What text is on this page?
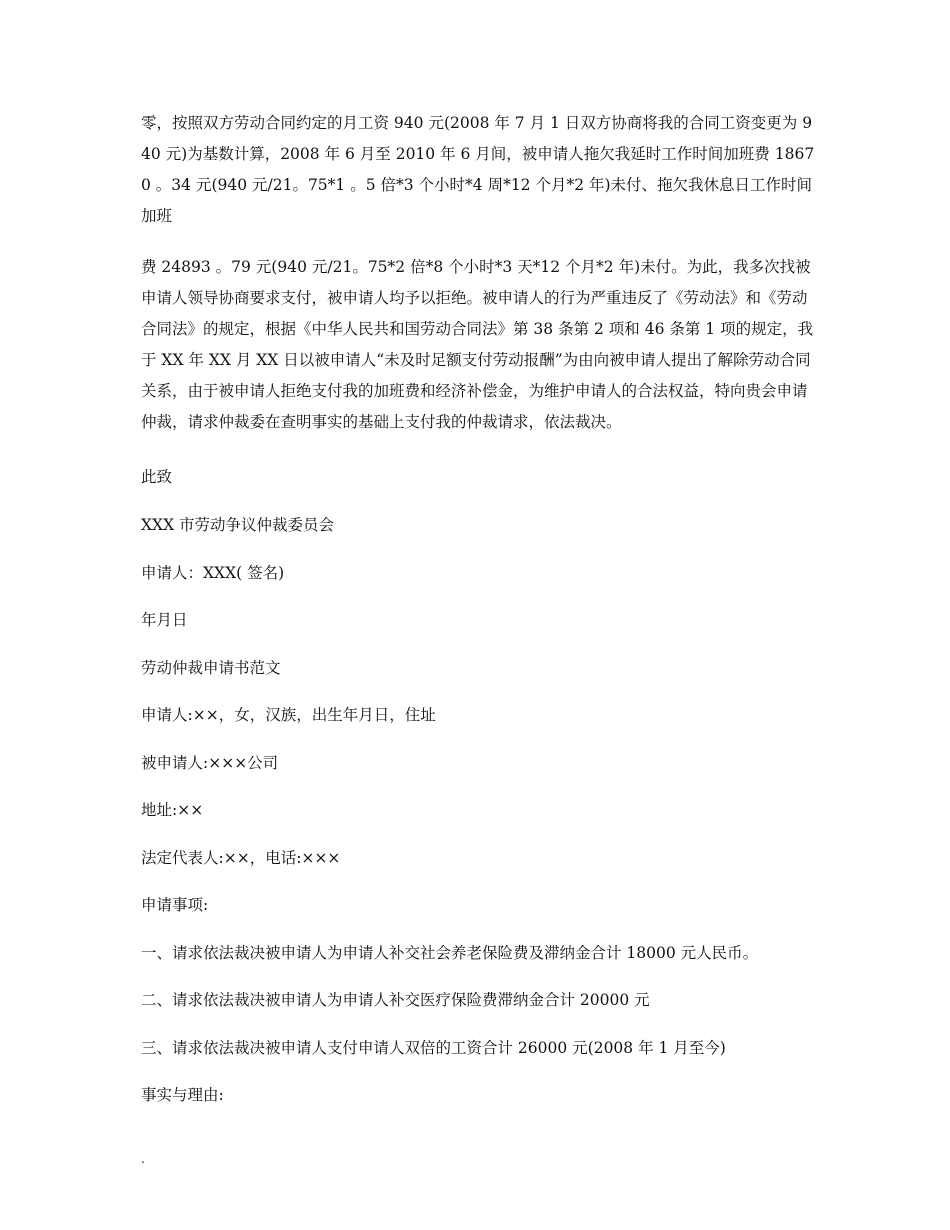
零，按照双方劳动合同约定的月工资 940 元(2008 年 7 月 1 日双方协商将我的合同工资变更为 940 元)为基数计算，2008 年 6 月至 2010 年 6 月间，被申请人拖欠我延时工作时间加班费 18670 。34 元(940 元/21。75*1 。5 倍*3 个小时*4 周*12 个月*2 年)未付、拖欠我休息日工作时间加班

费 24893 。79 元(940 元/21。75*2 倍*8 个小时*3 天*12 个月*2 年)未付。为此，我多次找被申请人领导协商要求支付，被申请人均予以拒绝。被申请人的行为严重违反了《劳动法》和《劳动合同法》的规定，根据《中华人民共和国劳动合同法》第 38 条第 2 项和 46 条第 1 项的规定，我于 XX 年 XX 月 XX 日以被申请人“未及时足额支付劳动报酬”为由向被申请人提出了解除劳动合同关系，由于被申请人拒绝支付我的加班费和经济补偿金，为维护申请人的合法权益，特向贵会申请仲裁，请求仲裁委在查明事实的基础上支付我的仲裁请求，依法裁决。

此致

XXX 市劳动争议仲裁委员会

申请人：XXX( 签名)

年月日

劳动仲裁申请书范文

申请人:××，女，汉族，出生年月日，住址

被申请人:×××公司

地址:××

法定代表人:××，电话:×××

申请事项:

一、请求依法裁决被申请人为申请人补交社会养老保险费及滞纳金合计 18000 元人民币。

二、请求依法裁决被申请人为申请人补交医疗保险费滞纳金合计 20000 元

三、请求依法裁决被申请人支付申请人双倍的工资合计 26000 元(2008 年 1 月至今)

事实与理由:

.
